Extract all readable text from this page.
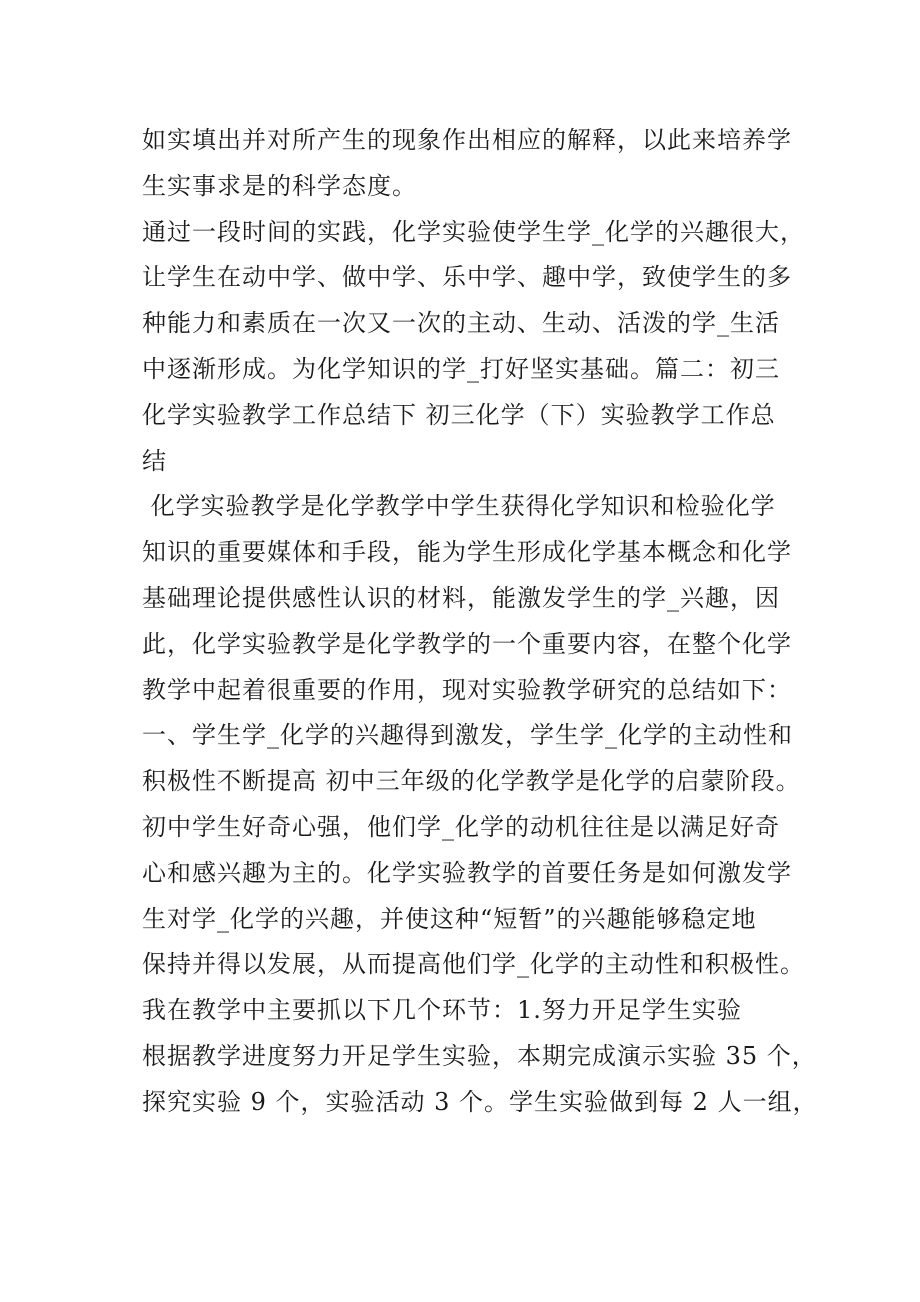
如实填出并对所产生的现象作出相应的解释，以此来培养学
生实事求是的科学态度。
通过一段时间的实践，化学实验使学生学_化学的兴趣很大，
让学生在动中学、做中学、乐中学、趣中学，致使学生的多
种能力和素质在一次又一次的主动、生动、活泼的学_生活
中逐渐形成。为化学知识的学_打好坚实基础。篇二：初三
化学实验教学工作总结下 初三化学（下）实验教学工作总
结
化学实验教学是化学教学中学生获得化学知识和检验化学
知识的重要媒体和手段，能为学生形成化学基本概念和化学
基础理论提供感性认识的材料，能激发学生的学_兴趣，因
此，化学实验教学是化学教学的一个重要内容，在整个化学
教学中起着很重要的作用，现对实验教学研究的总结如下：
一、学生学_化学的兴趣得到激发，学生学_化学的主动性和
积极性不断提高 初中三年级的化学教学是化学的启蒙阶段。
初中学生好奇心强，他们学_化学的动机往往是以满足好奇
心和感兴趣为主的。化学实验教学的首要任务是如何激发学
生对学_化学的兴趣，并使这种“短暂”的兴趣能够稳定地
保持并得以发展，从而提高他们学_化学的主动性和积极性。
我在教学中主要抓以下几个环节：1.努力开足学生实验
根据教学进度努力开足学生实验，本期完成演示实验 35 个，
探究实验 9 个，实验活动 3 个。学生实验做到每 2 人一组，
